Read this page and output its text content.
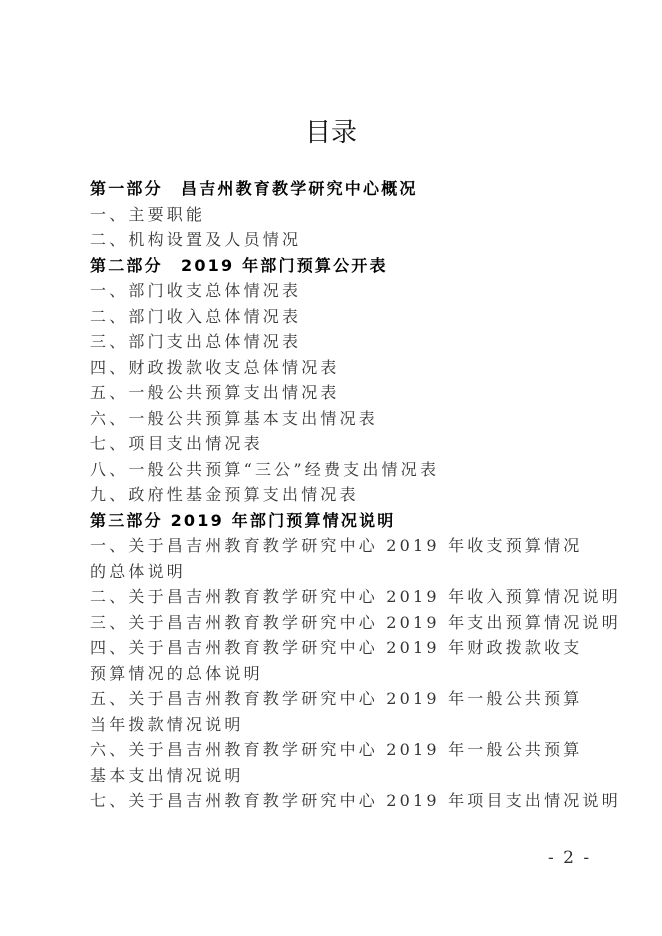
目录
第一部分　昌吉州教育教学研究中心概况
一、主要职能
二、机构设置及人员情况
第二部分　2019 年部门预算公开表
一、部门收支总体情况表
二、部门收入总体情况表
三、部门支出总体情况表
四、财政拨款收支总体情况表
五、一般公共预算支出情况表
六、一般公共预算基本支出情况表
七、项目支出情况表
八、一般公共预算“三公”经费支出情况表
九、政府性基金预算支出情况表
第三部分 2019 年部门预算情况说明
一、关于昌吉州教育教学研究中心 2019 年收支预算情况的总体说明
二、关于昌吉州教育教学研究中心 2019 年收入预算情况说明
三、关于昌吉州教育教学研究中心 2019 年支出预算情况说明
四、关于昌吉州教育教学研究中心 2019 年财政拨款收支预算情况的总体说明
五、关于昌吉州教育教学研究中心 2019 年一般公共预算当年拨款情况说明
六、关于昌吉州教育教学研究中心 2019 年一般公共预算基本支出情况说明
七、关于昌吉州教育教学研究中心 2019 年项目支出情况说明
- 2 -
